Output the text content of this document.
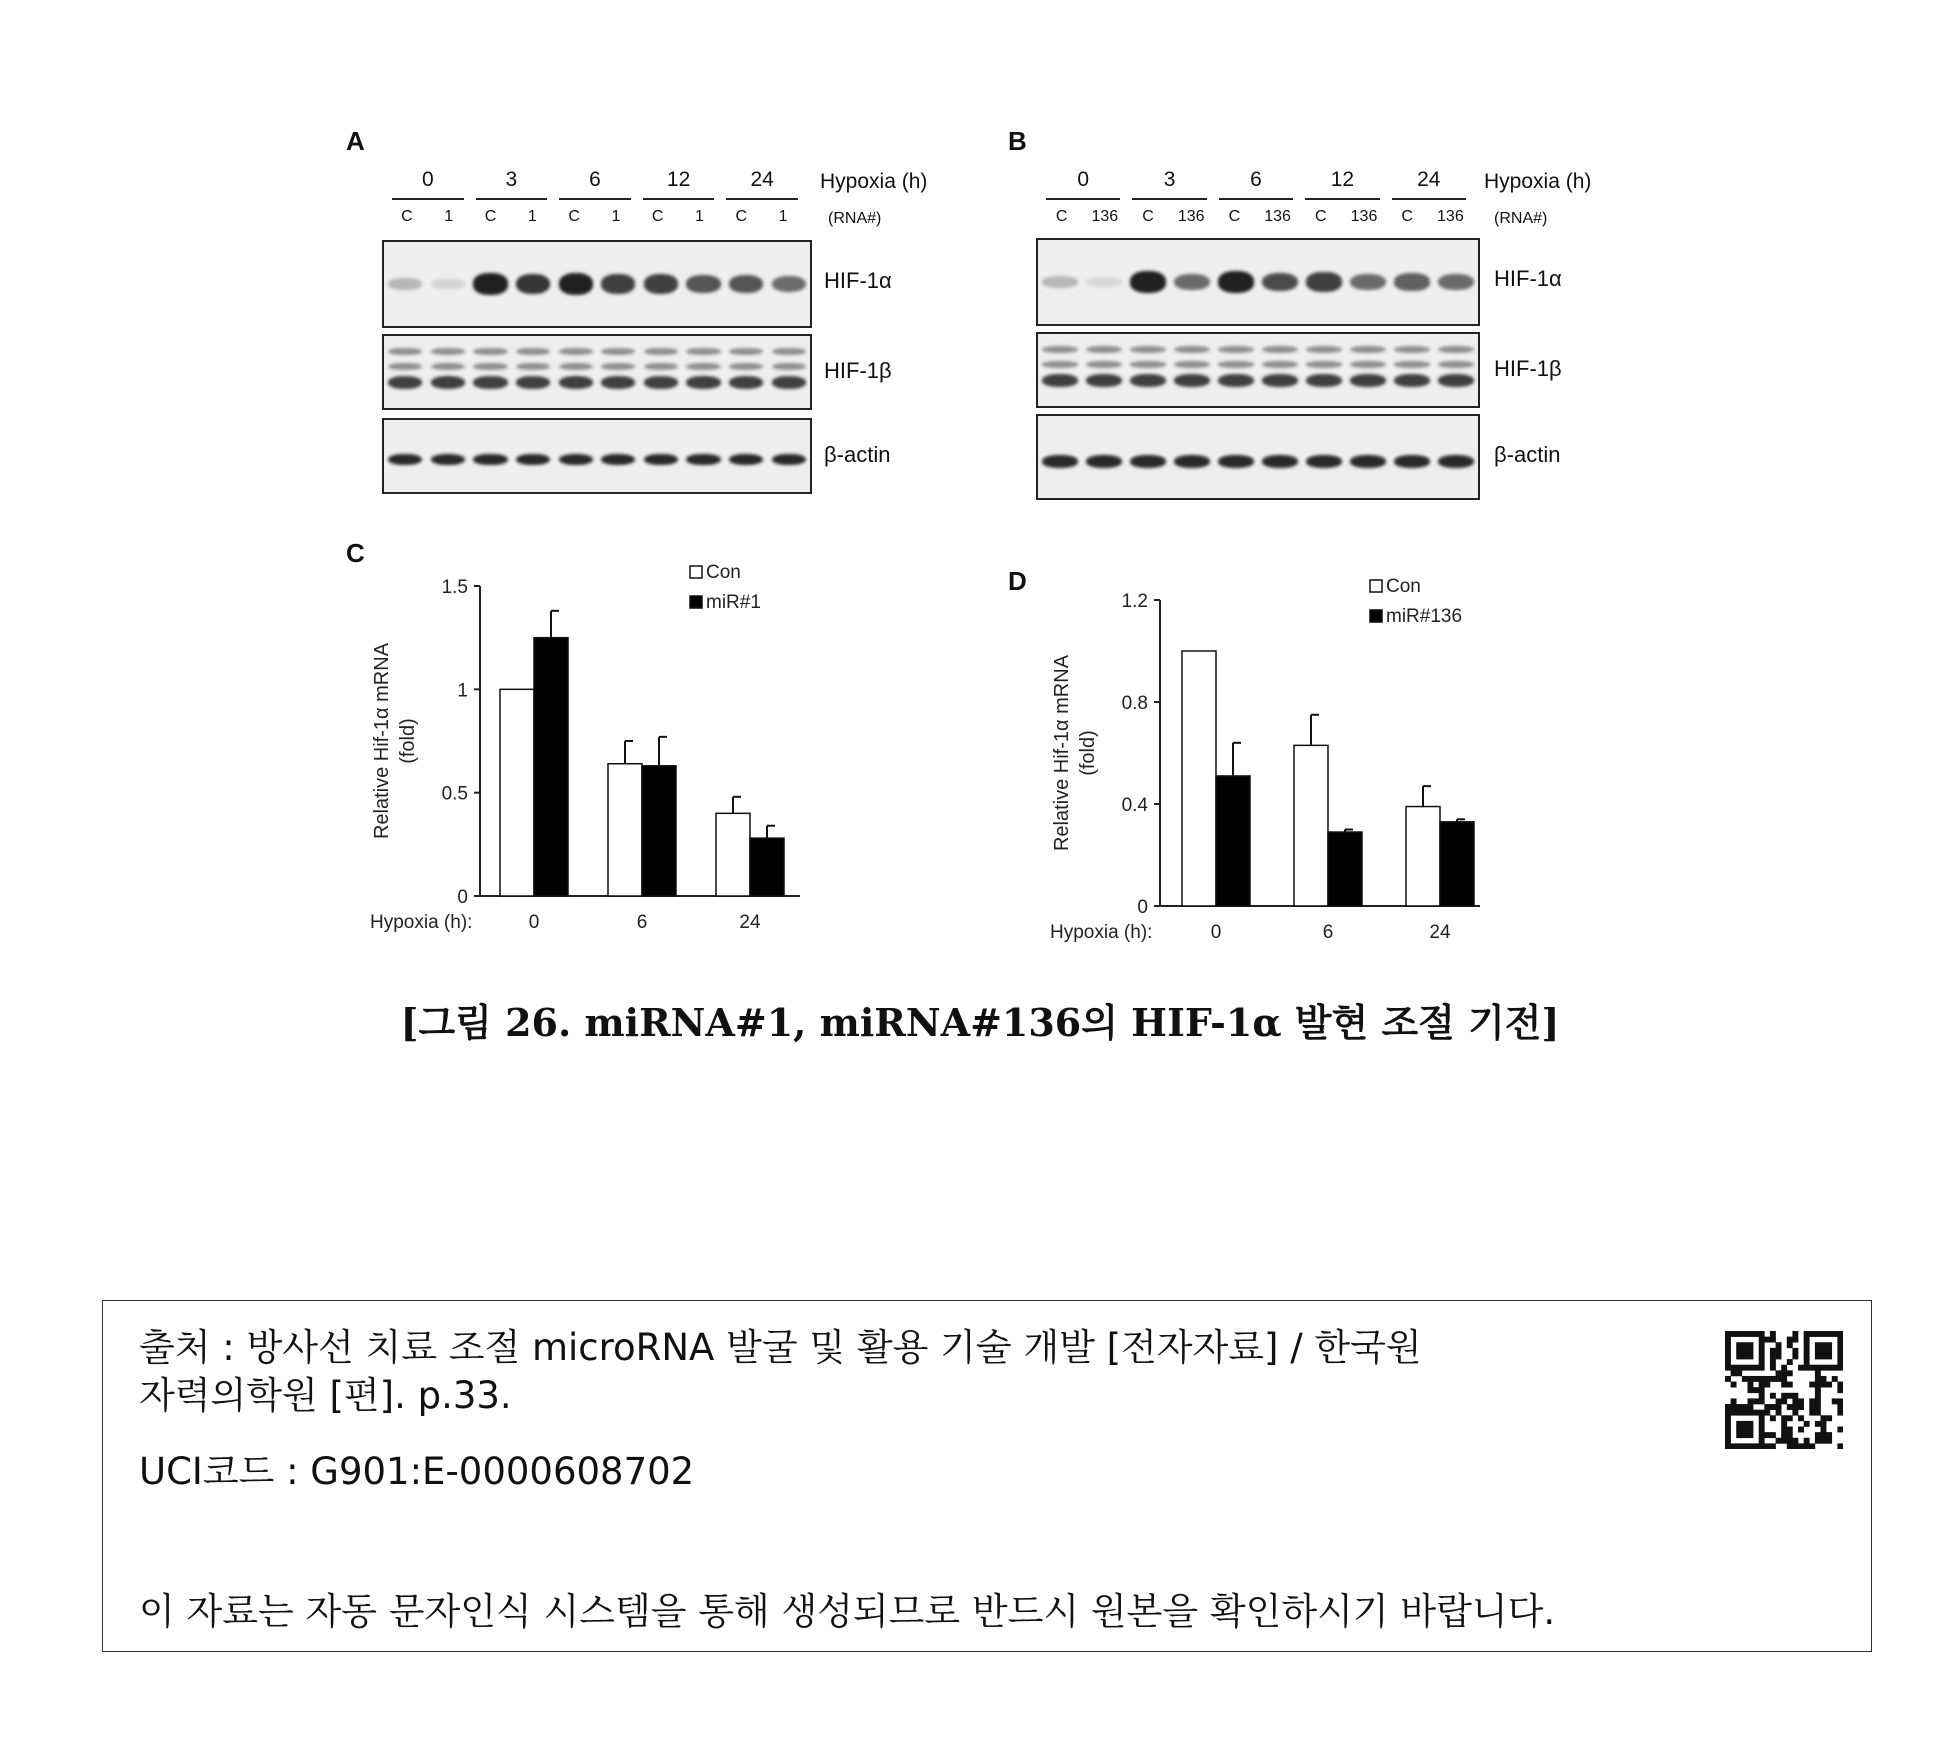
A
0	3	6	12	24
C	1	C	1	C	1	C	1	C	1
Hypoxia (h)
(RNA#)
HIF-1α
HIF-1β
β-actin
B
0	3	6	12	24
C	136	C	136	C	136	C	136	C	136
Hypoxia (h)
(RNA#)
HIF-1α
HIF-1β
β-actin
C
D
0
0.5
1
1.5
Relative Hif-1α mRNA (fold)
0	6	24
Hypoxia (h):
Con
miR#1
0
0.4
0.8
1.2
Relative Hif-1α mRNA (fold)
0	6	24
Hypoxia (h):
Con
miR#136
[그림 26. miRNA#1, miRNA#136의 HIF-1α 발현 조절 기전]
출처 : 방사선 치료 조절 microRNA 발굴 및 활용 기술 개발 [전자자료] / 한국원
자력의학원 [편]. p.33.
UCI코드 : G901:E-0000608702
이 자료는 자동 문자인식 시스템을 통해 생성되므로 반드시 원본을 확인하시기 바랍니다.
